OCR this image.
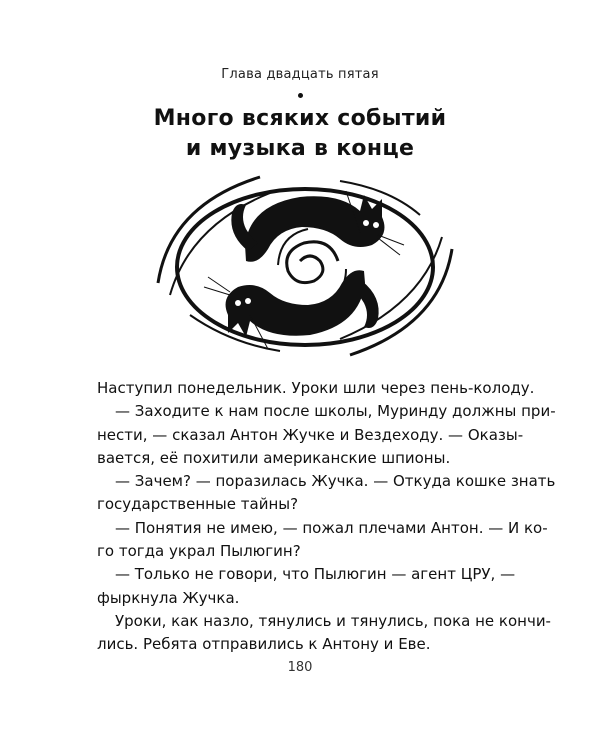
Глава двадцать пятая
Много всяких событий
и музыка в конце
Наступил понедельник. Уроки шли через пень-колоду.
— Заходите к нам после школы, Муринду должны при-
нести, — сказал Антон Жучке и Вездеходу. — Оказы-
вается, её похитили американские шпионы.
— Зачем? — поразилась Жучка. — Откуда кошке знать
государственные тайны?
— Понятия не имею, — пожал плечами Антон. — И ко-
го тогда украл Пылюгин?
— Только не говори, что Пылюгин — агент ЦРУ, —
фыркнула Жучка.
Уроки, как назло, тянулись и тянулись, пока не кончи-
лись. Ребята отправились к Антону и Еве.
180
